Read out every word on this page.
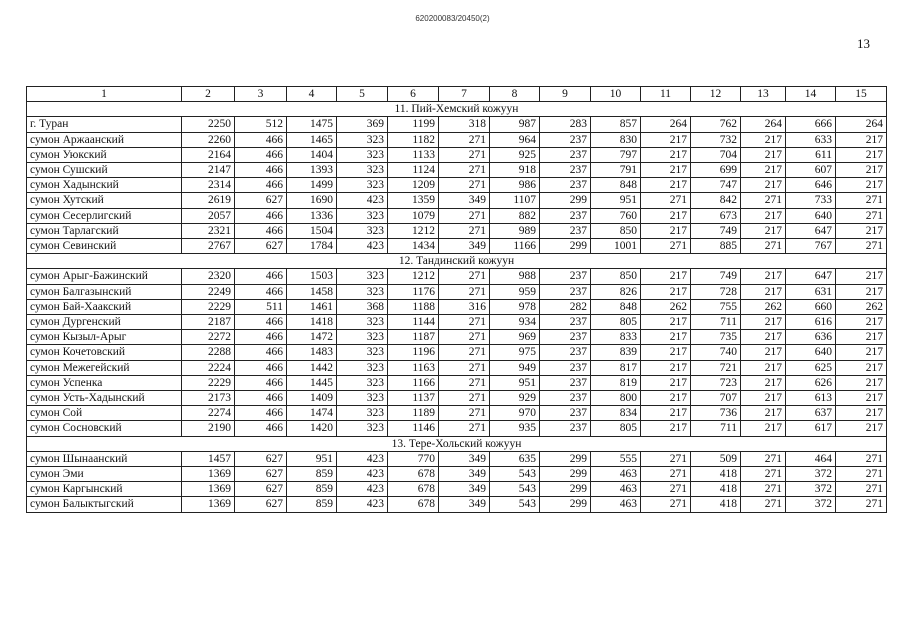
620200083/20450(2)
13
1	2	3	4	5	6	7	8	9	10	11	12	13	14	15
11. Пий-Хемский кожуун														
г. Туран	2250	512	1475	369	1199	318	987	283	857	264	762	264	666	264
сумон Аржаанский	2260	466	1465	323	1182	271	964	237	830	217	732	217	633	217
сумон Уюкский	2164	466	1404	323	1133	271	925	237	797	217	704	217	611	217
сумон Сушский	2147	466	1393	323	1124	271	918	237	791	217	699	217	607	217
сумон Хадынский	2314	466	1499	323	1209	271	986	237	848	217	747	217	646	217
сумон Хутский	2619	627	1690	423	1359	349	1107	299	951	271	842	271	733	271
сумон Сесерлигский	2057	466	1336	323	1079	271	882	237	760	217	673	217	640	271
сумон Тарлагский	2321	466	1504	323	1212	271	989	237	850	217	749	217	647	217
сумон Севинский	2767	627	1784	423	1434	349	1166	299	1001	271	885	271	767	271
12. Тандинский кожуун														
сумон Арыг-Бажинский	2320	466	1503	323	1212	271	988	237	850	217	749	217	647	217
сумон Балгазынский	2249	466	1458	323	1176	271	959	237	826	217	728	217	631	217
сумон Бай-Хаакский	2229	511	1461	368	1188	316	978	282	848	262	755	262	660	262
сумон Дургенский	2187	466	1418	323	1144	271	934	237	805	217	711	217	616	217
сумон Кызыл-Арыг	2272	466	1472	323	1187	271	969	237	833	217	735	217	636	217
сумон Кочетовский	2288	466	1483	323	1196	271	975	237	839	217	740	217	640	217
сумон Межегейский	2224	466	1442	323	1163	271	949	237	817	217	721	217	625	217
сумон Успенка	2229	466	1445	323	1166	271	951	237	819	217	723	217	626	217
сумон Усть-Хадынский	2173	466	1409	323	1137	271	929	237	800	217	707	217	613	217
сумон Сой	2274	466	1474	323	1189	271	970	237	834	217	736	217	637	217
сумон Сосновский	2190	466	1420	323	1146	271	935	237	805	217	711	217	617	217
13. Тере-Хольский кожуун														
сумон Шынаанский	1457	627	951	423	770	349	635	299	555	271	509	271	464	271
сумон Эми	1369	627	859	423	678	349	543	299	463	271	418	271	372	271
сумон Каргынский	1369	627	859	423	678	349	543	299	463	271	418	271	372	271
сумон Балыктыгский	1369	627	859	423	678	349	543	299	463	271	418	271	372	271
